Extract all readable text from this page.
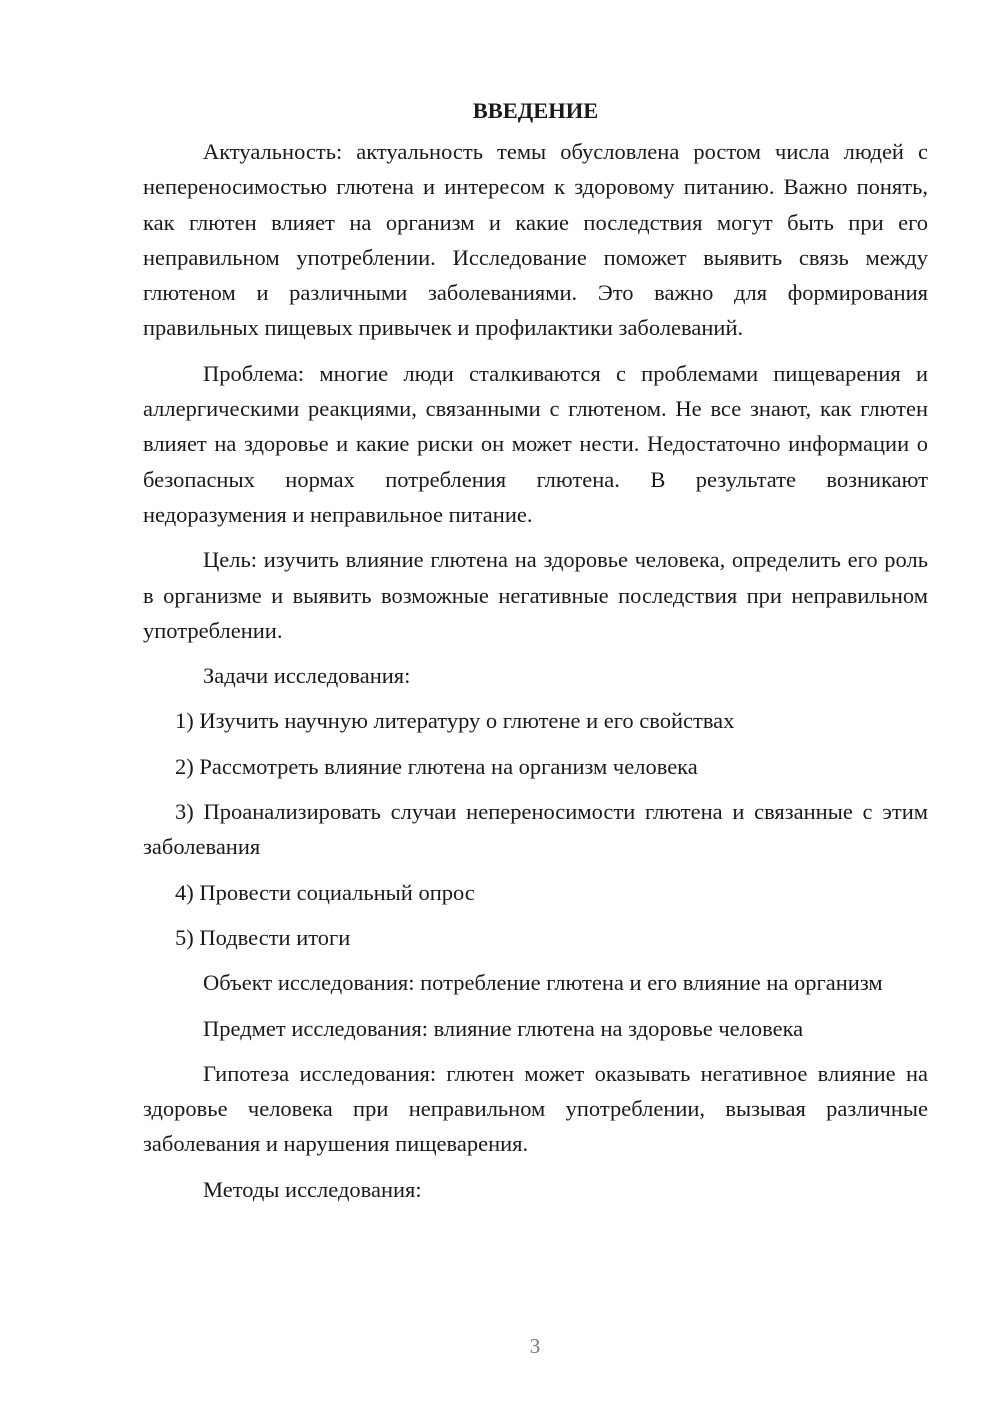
ВВЕДЕНИЕ

Актуальность: актуальность темы обусловлена ростом числа людей с непереносимостью глютена и интересом к здоровому питанию. Важно понять, как глютен влияет на организм и какие последствия могут быть при его неправильном употреблении. Исследование поможет выявить связь между глютеном и различными заболеваниями. Это важно для формирования правильных пищевых привычек и профилактики заболеваний.

Проблема: многие люди сталкиваются с проблемами пищеварения и аллергическими реакциями, связанными с глютеном. Не все знают, как глютен влияет на здоровье и какие риски он может нести. Недостаточно информации о безопасных нормах потребления глютена. В результате возникают недоразумения и неправильное питание.

Цель: изучить влияние глютена на здоровье человека, определить его роль в организме и выявить возможные негативные последствия при неправильном употреблении.

Задачи исследования:

1) Изучить научную литературу о глютене и его свойствах

2) Рассмотреть влияние глютена на организм человека

3) Проанализировать случаи непереносимости глютена и связанные с этим заболевания

4) Провести социальный опрос

5) Подвести итоги

Объект исследования: потребление глютена и его влияние на организм

Предмет исследования: влияние глютена на здоровье человека

Гипотеза исследования: глютен может оказывать негативное влияние на здоровье человека при неправильном употреблении, вызывая различные заболевания и нарушения пищеварения.

Методы исследования:

3
